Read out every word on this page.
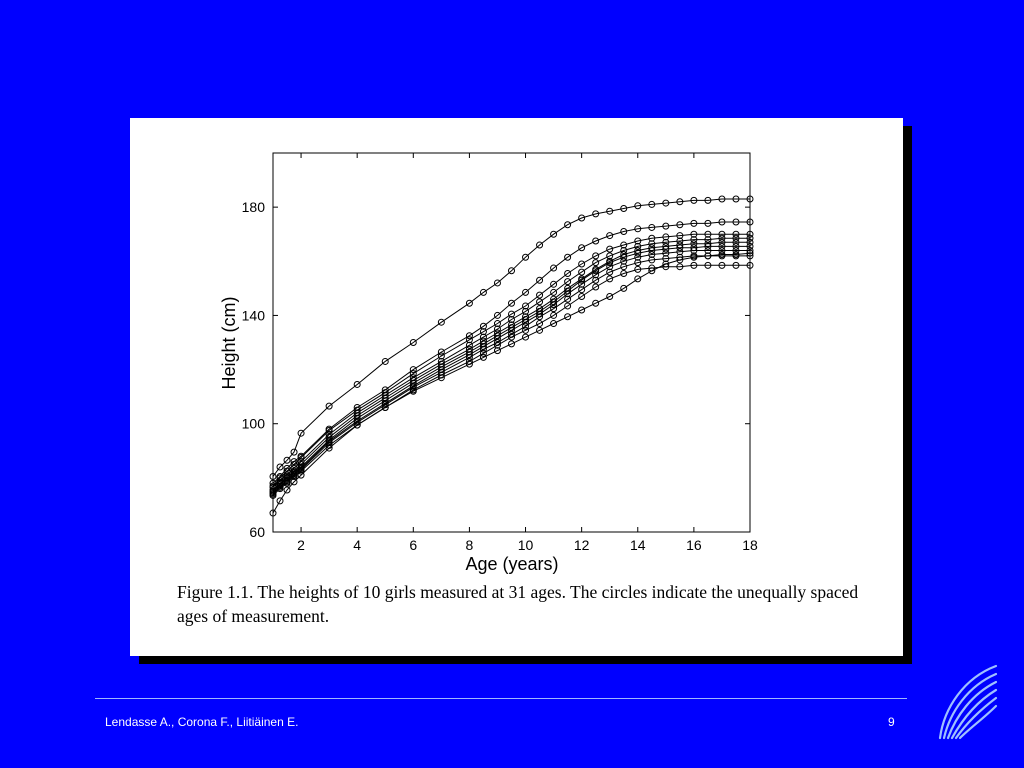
2	4	6	8	10	12	14	16	18
60
100
140
180
Age (years)
Height (cm)

Figure 1.1. The heights of 10 girls measured at 31 ages. The circles indicate the unequally spaced ages of measurement.

Lendasse A., Corona F., Liitiäinen E.	9
